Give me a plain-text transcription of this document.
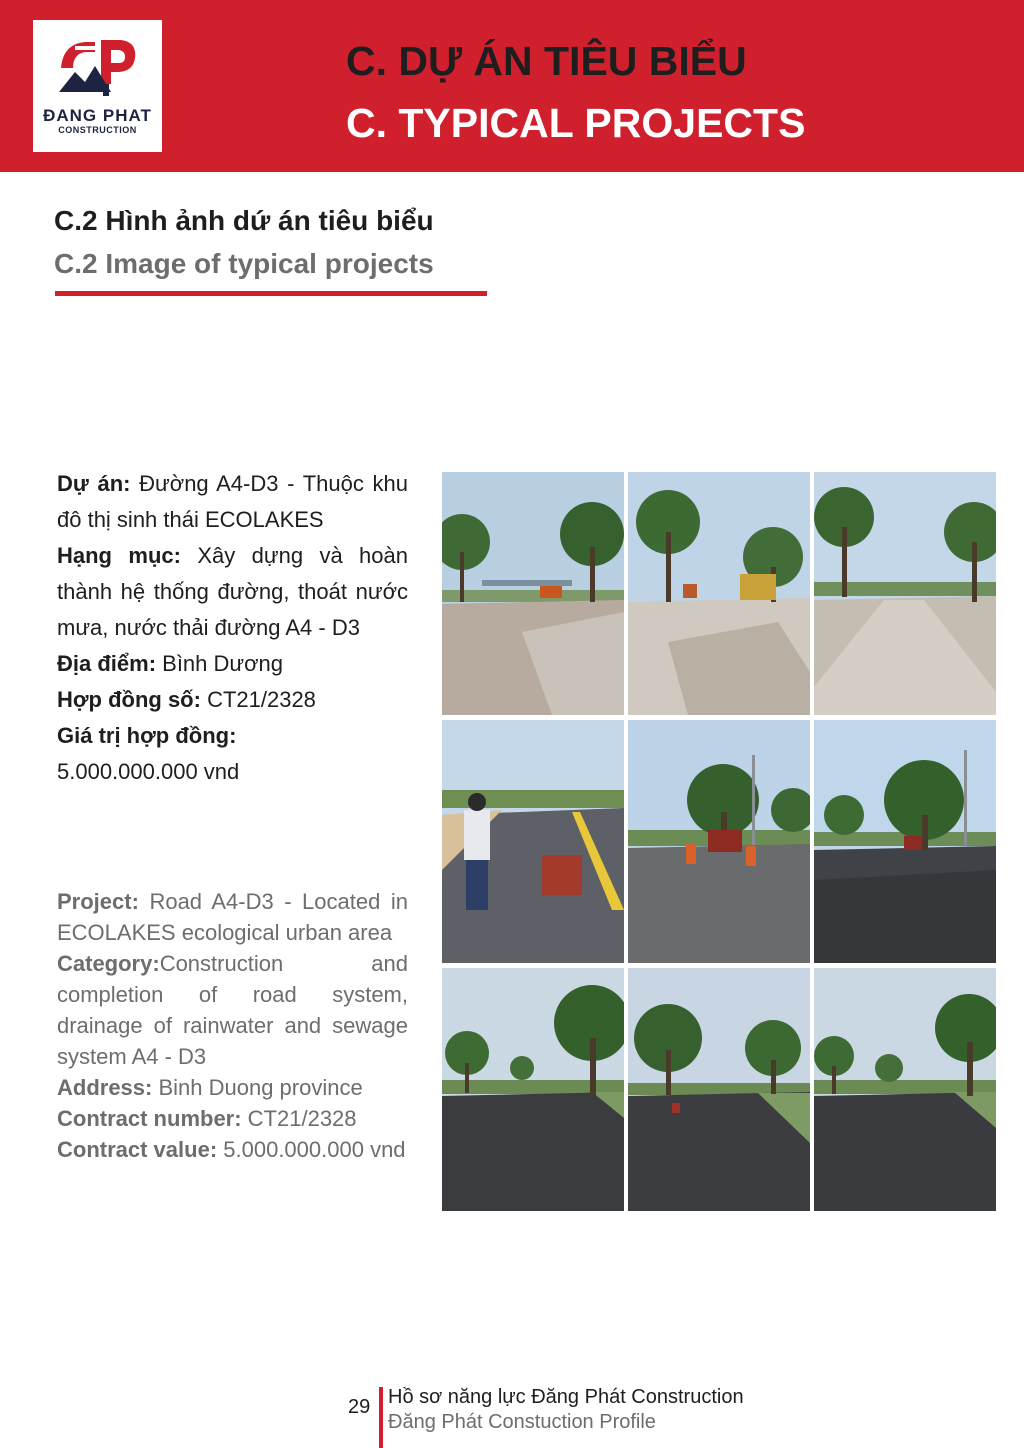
ĐANG PHAT
CONSTRUCTION
C. DỰ ÁN TIÊU BIỂU
C. TYPICAL PROJECTS
C.2 Hình ảnh dứ án tiêu biểu
C.2 Image of typical projects

Dự án: Đường A4-D3 - Thuộc khu đô thị sinh thái ECOLAKES

Hạng mục: Xây dựng và hoàn thành hệ thống đường, thoát nước mưa, nước thải đường A4 - D3

Địa điểm: Bình Dương

Hợp đồng số: CT21/2328

Giá trị hợp đồng:

5.000.000.000 vnd

Project: Road A4-D3 - Located in ECOLAKES ecological urban area

Category:Construction and completion of road system, drainage of rainwater and sewage system A4 - D3

Address: Binh Duong province

Contract number: CT21/2328

Contract value: 5.000.000.000 vnd

29 Hồ sơ năng lực Đăng Phát Construction
Đăng Phát Constuction Profile
